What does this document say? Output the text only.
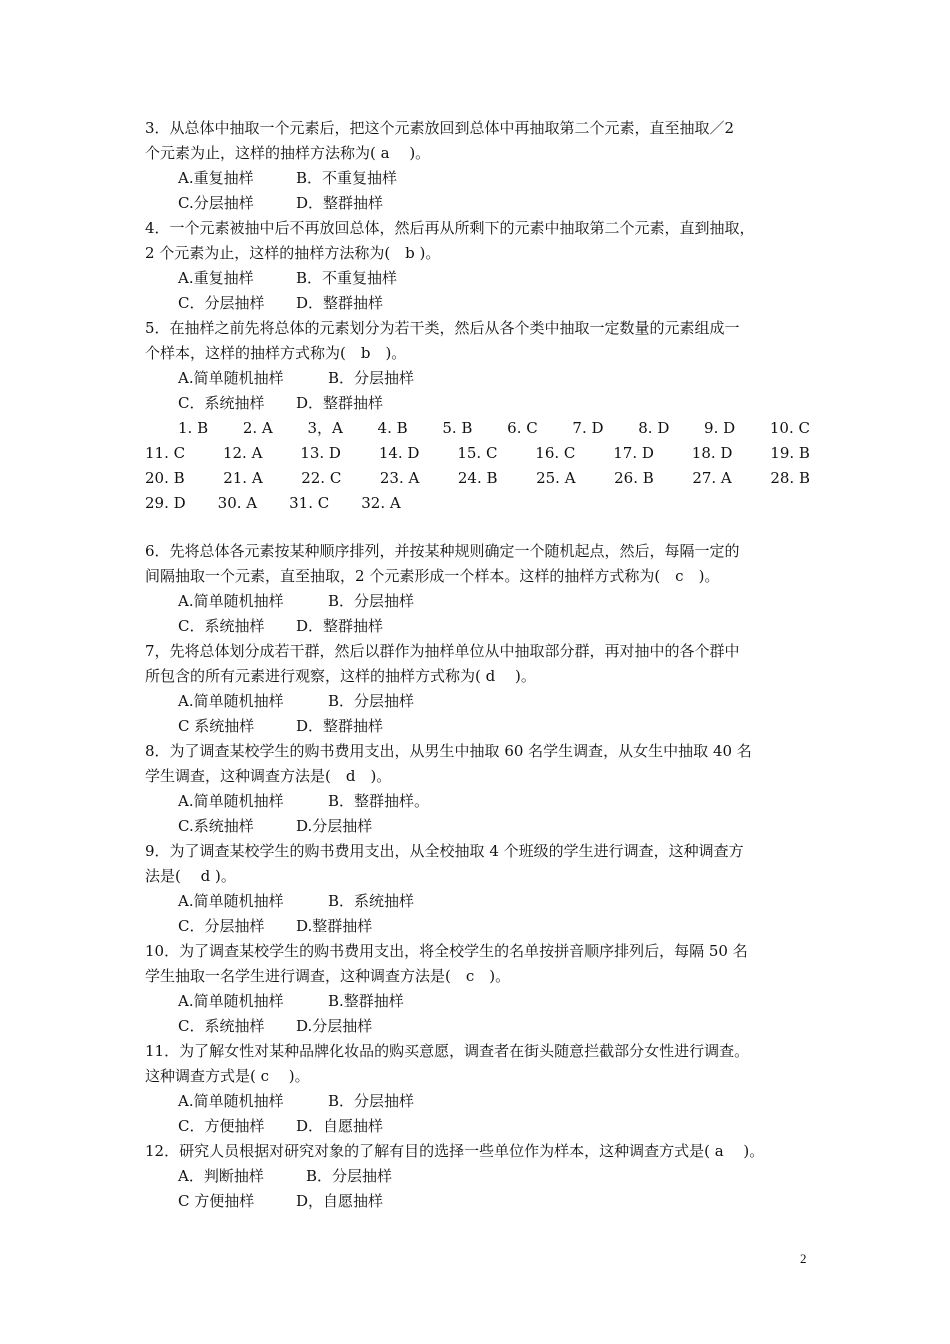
3．从总体中抽取一个元素后，把这个元素放回到总体中再抽取第二个元素，直至抽取／2
个元素为止，这样的抽样方法称为( a　 )。
A.重复抽样	B．不重复抽样
C.分层抽样	D．整群抽样
4．一个元素被抽中后不再放回总体，然后再从所剩下的元素中抽取第二个元素，直到抽取，
2 个元素为止，这样的抽样方法称为(　b )。
A.重复抽样	B．不重复抽样
C．分层抽样 D．整群抽样
5．在抽样之前先将总体的元素划分为若干类，然后从各个类中抽取一定数量的元素组成一
个样本，这样的抽样方式称为(　b　)。
A.简单随机抽样	B．分层抽样
C．系统抽样 D．整群抽样
1. B 2. A 3，A 4. B 5. B 6. C 7. D 8. D 9. D 10. C
11. C	12. A	13. D	14. D	15. C	16. C	17. D	18. D	19. B
20. B	21. A	22. C	23. A	24. B	25. A	26. B	27. A	28. B
29. D 30. A 31. C 32. A
6．先将总体各元素按某种顺序排列，并按某种规则确定一个随机起点，然后，每隔一定的
间隔抽取一个元素，直至抽取，2 个元素形成一个样本。这样的抽样方式称为(　c　)。
A.简单随机抽样	B．分层抽样
C．系统抽样 D．整群抽样
7，先将总体划分成若干群，然后以群作为抽样单位从中抽取部分群，再对抽中的各个群中
所包含的所有元素进行观察，这样的抽样方式称为( d　 )。
A.简单随机抽样	B．分层抽样
C 系统抽样	D．整群抽样
8．为了调查某校学生的购书费用支出，从男生中抽取 60 名学生调查，从女生中抽取 40 名
学生调查，这种调查方法是(　d　)。
A.简单随机抽样	B．整群抽样。
C.系统抽样	D.分层抽样
9．为了调查某校学生的购书费用支出，从全校抽取 4 个班级的学生进行调查，这种调查方
法是(　 d )。
A.简单随机抽样	B．系统抽样
C．分层抽样 D.整群抽样
10．为了调查某校学生的购书费用支出，将全校学生的名单按拼音顺序排列后，每隔 50 名
学生抽取一名学生进行调查，这种调查方法是(　c　)。
A.简单随机抽样	B.整群抽样
C．系统抽样 D.分层抽样
11．为了解女性对某种品牌化妆品的购买意愿，调查者在街头随意拦截部分女性进行调查。
这种调查方式是( c　 )。
A.简单随机抽样	B．分层抽样
C．方便抽样 D．自愿抽样
12．研究人员根据对研究对象的了解有目的选择一些单位作为样本，这种调查方式是( a　 )。
A．判断抽样	B．分层抽样
C 方便抽样	D，自愿抽样
2
